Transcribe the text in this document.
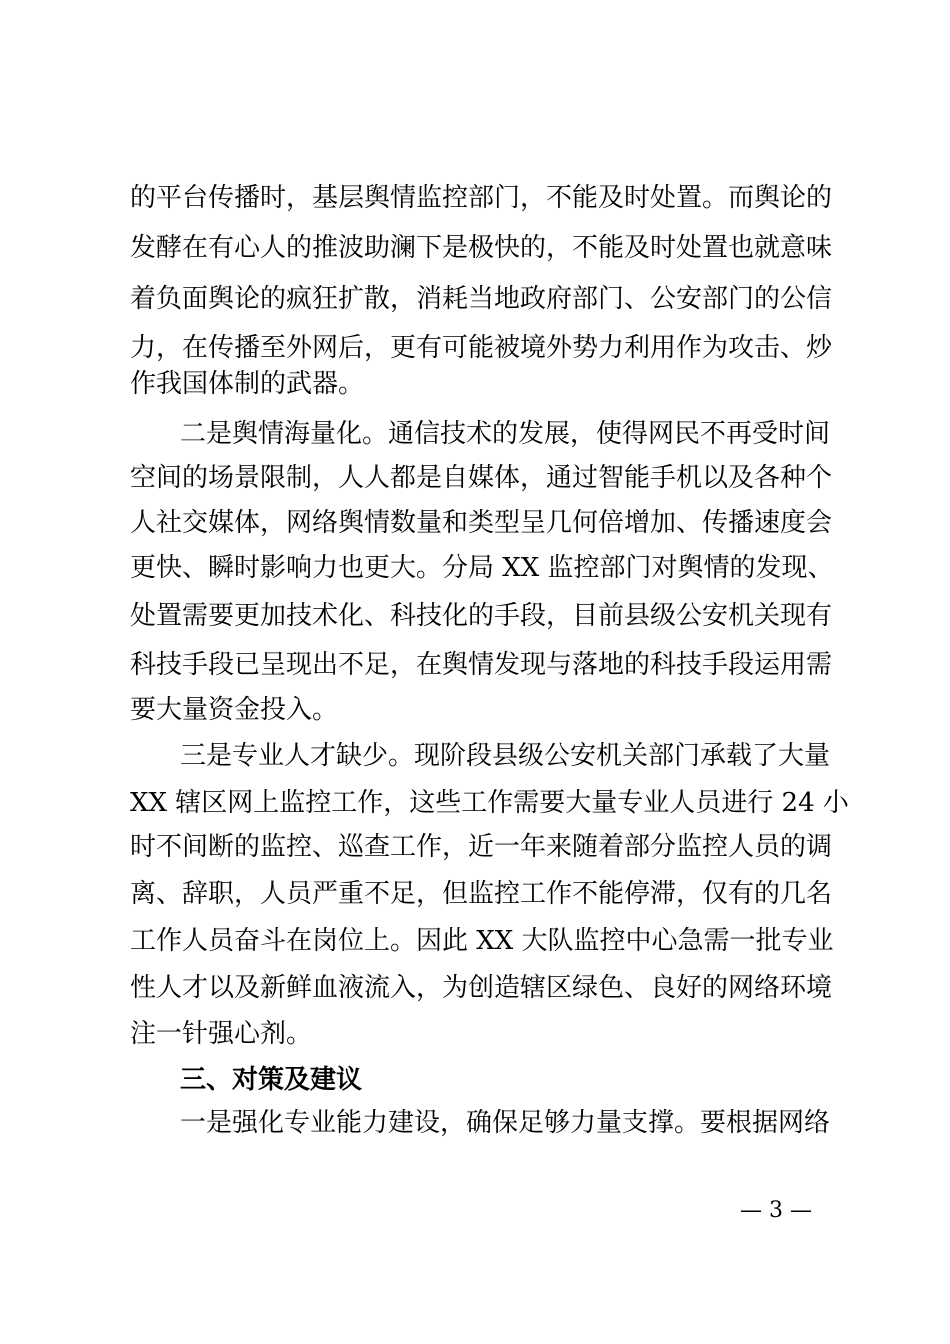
的平台传播时，基层舆情监控部门，不能及时处置。而舆论的
发酵在有心人的推波助澜下是极快的，不能及时处置也就意味
着负面舆论的疯狂扩散，消耗当地政府部门、公安部门的公信
力，在传播至外网后，更有可能被境外势力利用作为攻击、炒
作我国体制的武器。
二是舆情海量化。通信技术的发展，使得网民不再受时间
空间的场景限制，人人都是自媒体，通过智能手机以及各种个
人社交媒体，网络舆情数量和类型呈几何倍增加、传播速度会
更快、瞬时影响力也更大。分局 XX 监控部门对舆情的发现、
处置需要更加技术化、科技化的手段，目前县级公安机关现有
科技手段已呈现出不足，在舆情发现与落地的科技手段运用需
要大量资金投入。
三是专业人才缺少。现阶段县级公安机关部门承载了大量
XX 辖区网上监控工作，这些工作需要大量专业人员进行 24 小
时不间断的监控、巡查工作，近一年来随着部分监控人员的调
离、辞职，人员严重不足，但监控工作不能停滞，仅有的几名
工作人员奋斗在岗位上。因此 XX 大队监控中心急需一批专业
性人才以及新鲜血液流入，为创造辖区绿色、良好的网络环境
注一针强心剂。
三、对策及建议
一是强化专业能力建设，确保足够力量支撑。要根据网络
— 3 —
